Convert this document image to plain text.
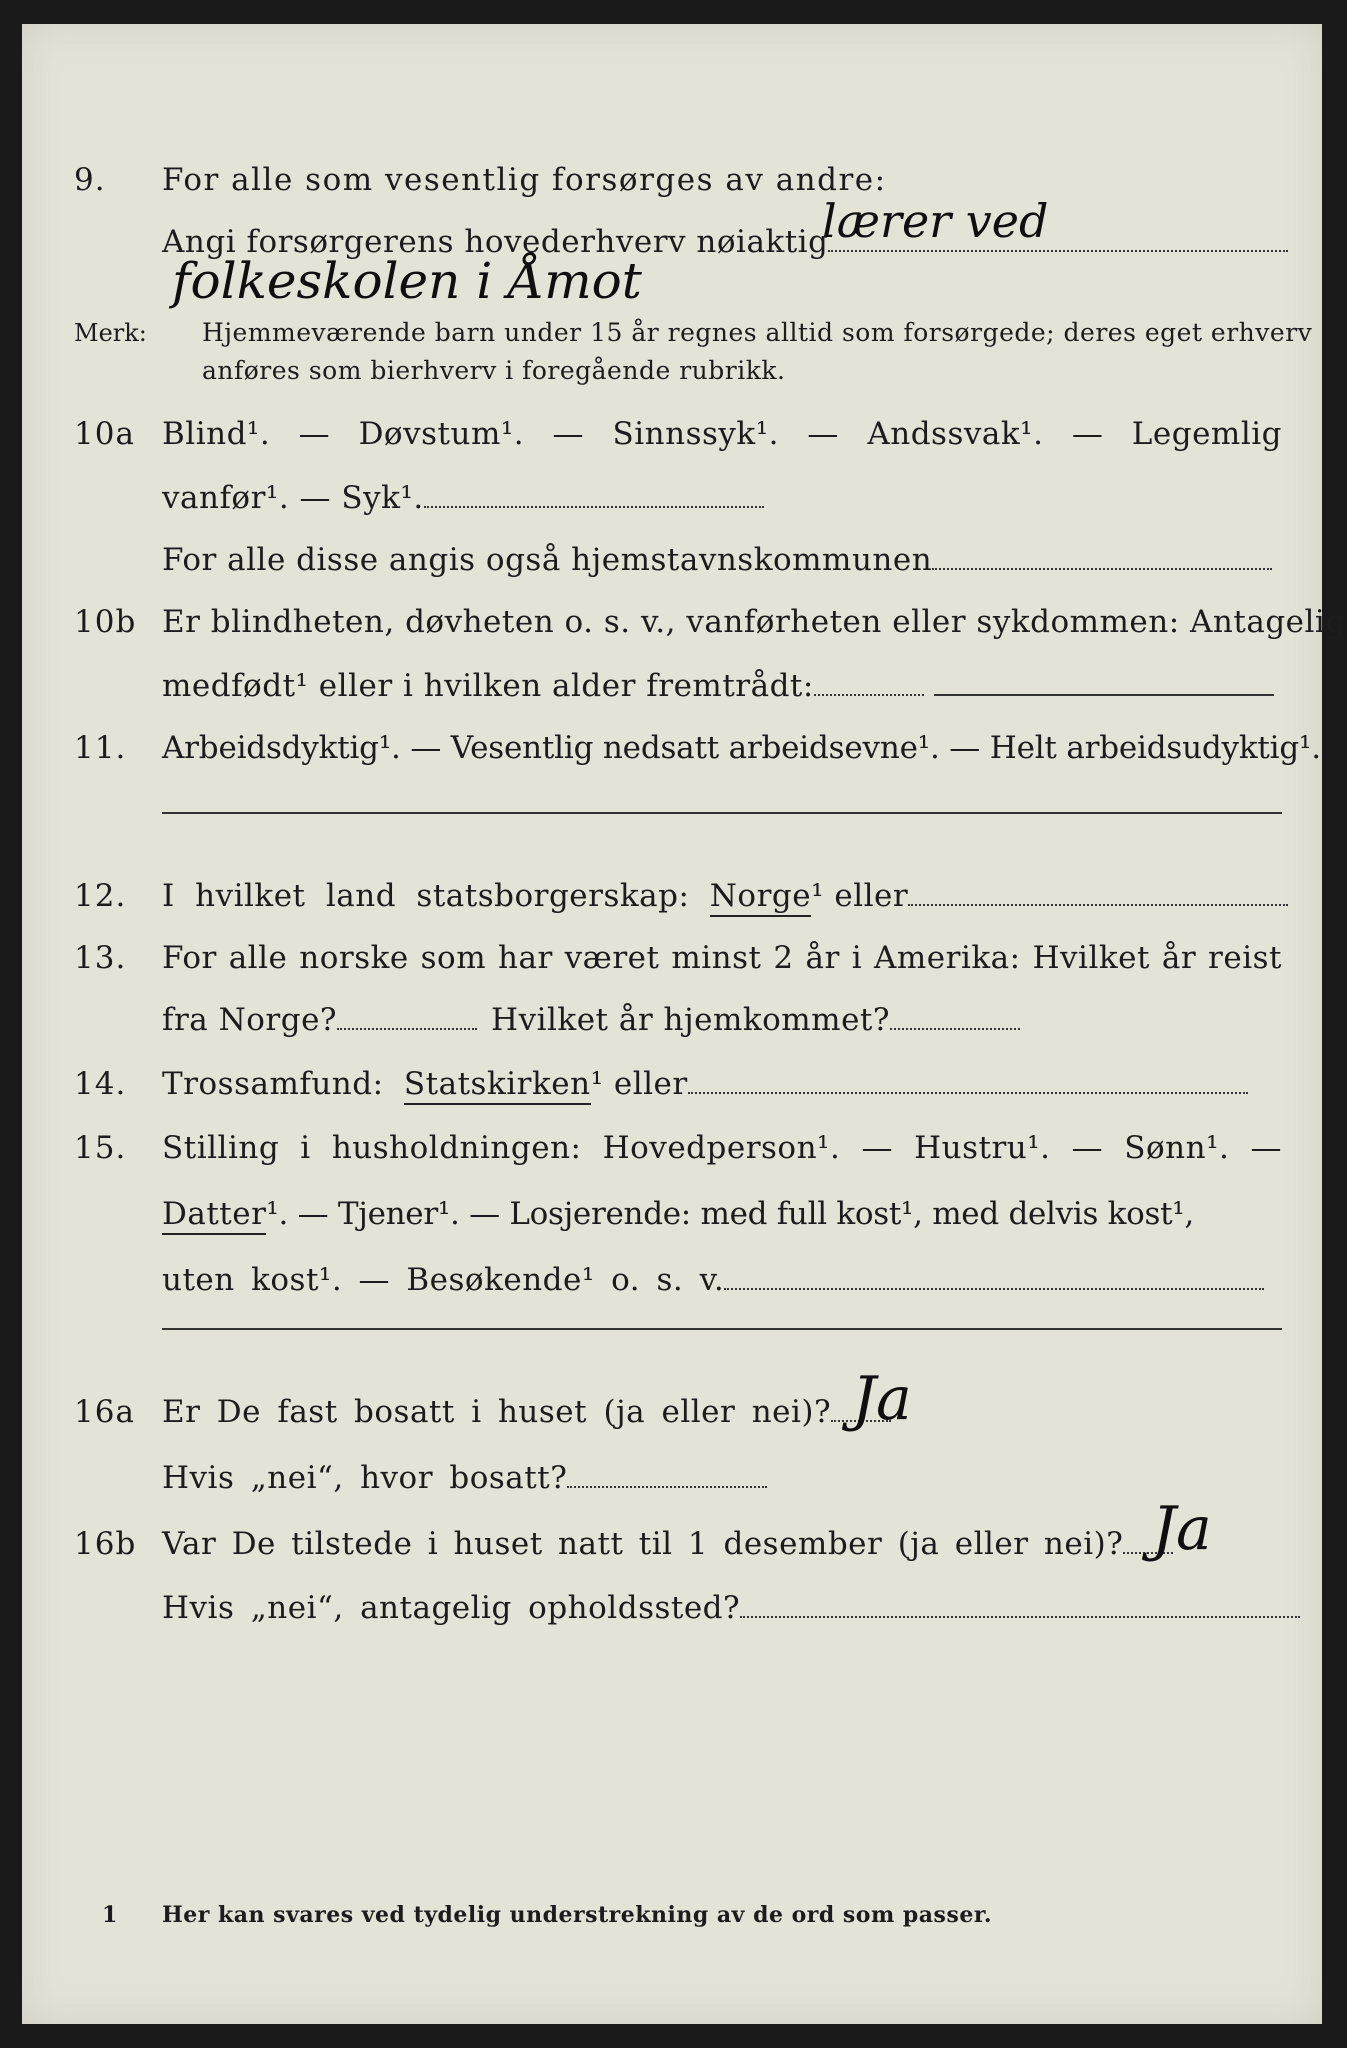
9. For alle som vesentlig forsørges av andre:
Angi forsørgerens hovederhverv nøiaktig
lærer ved
folkeskolen i Åmot
Merk: Hjemmeværende barn under 15 år regnes alltid som forsørgede; deres eget erhverv
anføres som bierhverv i foregående rubrikk.
10a Blind¹. — Døvstum¹. — Sinnssyk¹. — Andssvak¹. — Legemlig
vanfør¹. — Syk¹.
For alle disse angis også hjemstavnskommunen
10b Er blindheten, døvheten o. s. v., vanførheten eller sykdommen: Antagelig
medfødt¹ eller i hvilken alder fremtrådt:
11. Arbeidsdyktig¹. — Vesentlig nedsatt arbeidsevne¹. — Helt arbeidsudyktig¹.
12. I hvilket land statsborgerskap: Norge¹ eller
13. For alle norske som har været minst 2 år i Amerika: Hvilket år reist
fra Norge?	Hvilket år hjemkommet?
14. Trossamfund: Statskirken¹ eller
15. Stilling i husholdningen: Hovedperson¹. — Hustru¹. — Sønn¹. —
Datter¹. — Tjener¹. — Losjerende: med full kost¹, med delvis kost¹,
uten kost¹. — Besøkende¹ o. s. v.
16a Er De fast bosatt i huset (ja eller nei)? Ja
Hvis „nei“, hvor bosatt?
16b Var De tilstede i huset natt til 1 desember (ja eller nei)? Ja
Hvis „nei“, antagelig opholdssted?
1 Her kan svares ved tydelig understrekning av de ord som passer.
